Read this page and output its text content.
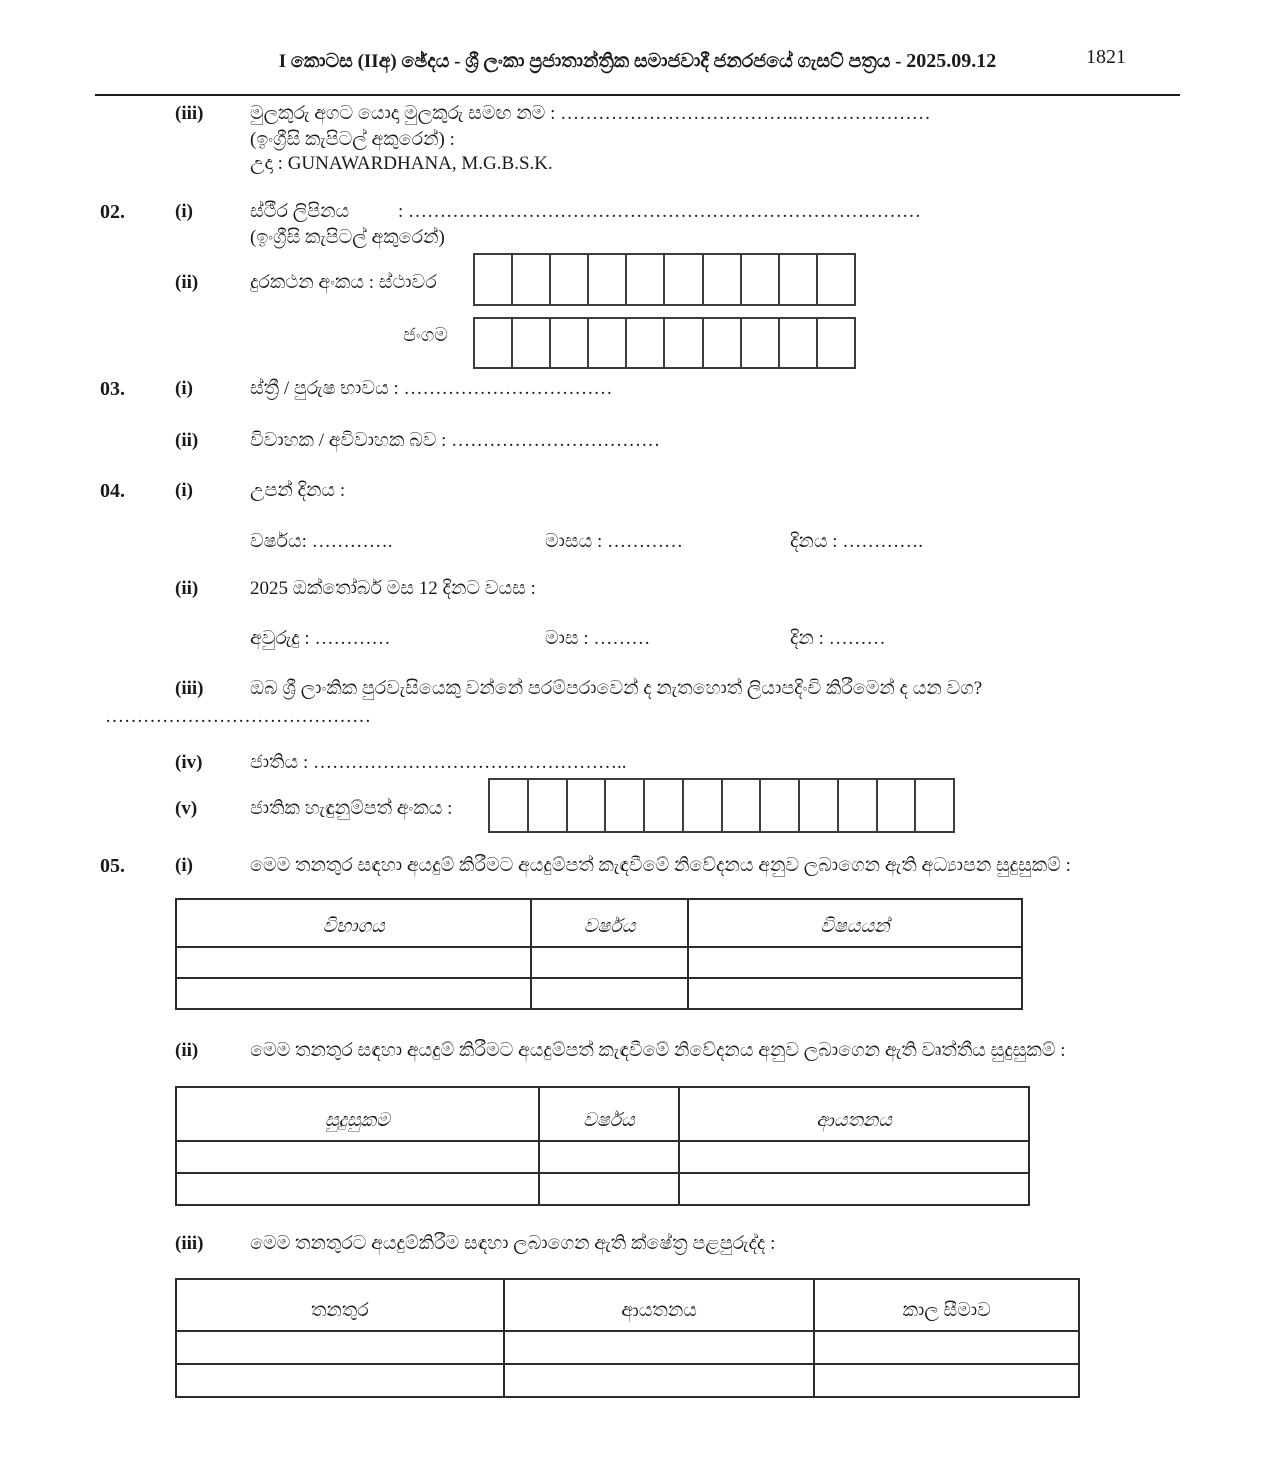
I කොටස (IIඅ) ඡේදය - ශ්‍රී ලංකා ප්‍රජාතාන්ත්‍රික සමාජවාදී ජනරජයේ ගැසට් පත්‍රය - 2025.09.12	1821
(iii) මුලකුරු අගට යොදා මුලකුරු සමඟ නම : ………………………………..…………………
(ඉංග්‍රීසි කැපිටල් අකුරෙන්) :
උදා : GUNAWARDHANA, M.G.B.S.K.
02.	(i)	ස්ථීර ලිපිනය	: ………………………………………………………………………
(ඉංග්‍රීසි කැපිටල් අකුරෙන්)
(ii)	දුරකථන අංකය : ස්ථාවර
ජංගම
03.	(i)	ස්ත්‍රී / පුරුෂ භාවය : ……………………………
(ii)	විවාහක / අවිවාහක බව : ……………………………
04.	(i)	උපන් දිනය :
වර්ෂය: ………….	මාසය : …………	දිනය : ………….
(ii)	2025 ඔක්තෝබර් මස 12 දිනට වයස :
අවුරුදු : …………	මාස : ………	දින : ………
(iii) ඔබ ශ්‍රී ලාංකික පුරවැසියෙකු වන්නේ පරම්පරාවෙන් ද නැතහොත් ලියාපදිංචි කිරීමෙන් ද යන වග?
……………………………………
(iv)	ජාතිය : …………………………………………..
(v)	ජාතික හැඳුනුම්පත් අංකය :
05.	(i)	මෙම තනතුර සඳහා අයදුම් කිරීමට අයදුම්පත් කැඳවීමේ නිවේදනය අනුව ලබාගෙන ඇති අධ්‍යාපන සුදුසුකම් :
විභාගය	වර්ෂය	විෂයයන්

(ii)	මෙම තනතුර සඳහා අයදුම් කිරීමට අයදුම්පත් කැඳවීමේ නිවේදනය අනුව ලබාගෙන ඇති වෘත්තීය සුදුසුකම් :
සුදුසුකම	වර්ෂය	ආයතනය

(iii) මෙම තනතුරට අයදුම්කිරීම සඳහා ලබාගෙන ඇති ක්ෂේත්‍ර පළපුරුද්ද :
තනතුර	ආයතනය	කාල සීමාව
